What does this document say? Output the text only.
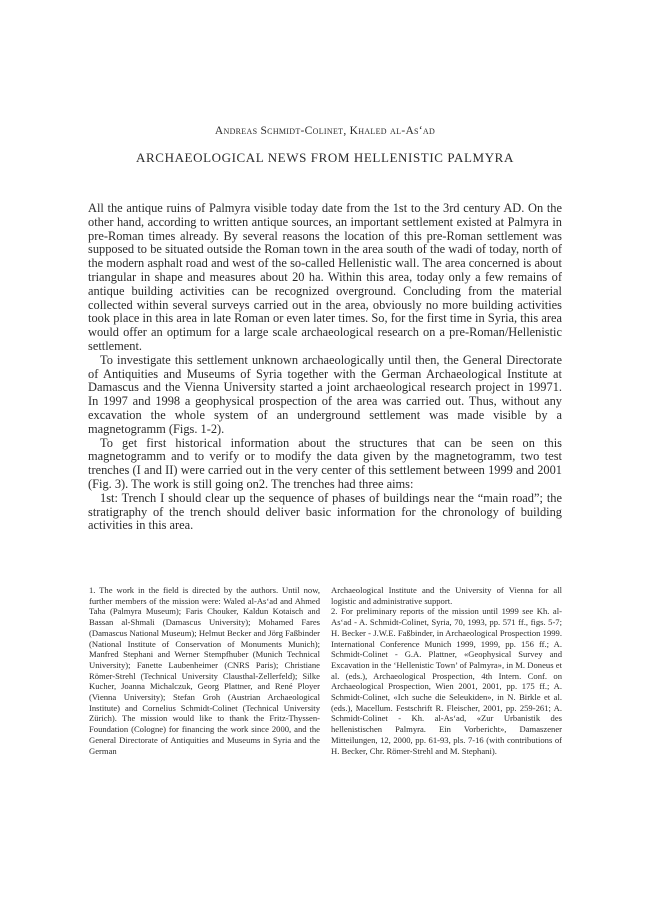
Andreas Schmidt-Colinet, Khaled al-As‘ad
ARCHAEOLOGICAL NEWS FROM HELLENISTIC PALMYRA

All the antique ruins of Palmyra visible today date from the 1st to the 3rd century AD. On the other hand, according to written antique sources, an important settlement existed at Palmyra in pre-Roman times already. By several reasons the location of this pre-Roman settlement was supposed to be situated outside the Roman town in the area south of the wadi of today, north of the modern asphalt road and west of the so-called Hellenistic wall. The area concerned is about triangular in shape and measures about 20 ha. Within this area, today only a few remains of antique building activities can be recognized overground. Concluding from the material collected within several surveys carried out in the area, obviously no more building activities took place in this area in late Roman or even later times. So, for the first time in Syria, this area would offer an optimum for a large scale archaeological research on a pre-Roman/Hellenistic settlement.

To investigate this settlement unknown archaeologically until then, the General Directorate of Antiquities and Museums of Syria together with the German Archaeological Institute at Damascus and the Vienna University started a joint archaeological research project in 19971. In 1997 and 1998 a geophysical prospection of the area was carried out. Thus, without any excavation the whole system of an underground settlement was made visible by a magnetogramm (Figs. 1-2).

To get first historical information about the structures that can be seen on this magnetogramm and to verify or to modify the data given by the magnetogramm, two test trenches (I and II) were carried out in the very center of this settlement between 1999 and 2001 (Fig. 3). The work is still going on2. The trenches had three aims:

1st: Trench I should clear up the sequence of phases of buildings near the “main road”; the stratigraphy of the trench should deliver basic information for the chronology of building activities in this area.

1. The work in the field is directed by the authors. Until now, further members of the mission were: Waled al-As‘ad and Ahmed Taha (Palmyra Museum); Faris Chouker, Kaldun Kotaisch and Bassan al-Shmali (Damascus University); Mohamed Fares (Damascus National Museum); Helmut Becker and Jörg Faßbinder (National Institute of Conservation of Monuments Munich); Manfred Stephani and Werner Stempfhuber (Munich Technical University); Fanette Laubenheimer (CNRS Paris); Christiane Römer-Strehl (Technical University Clausthal-Zellerfeld); Silke Kucher, Joanna Michalczuk, Georg Plattner, and René Ployer (Vienna University); Stefan Groh (Austrian Archaeological Institute) and Cornelius Schmidt-Colinet (Technical University Zürich). The mission would like to thank the Fritz-Thyssen-Foundation (Cologne) for financing the work since 2000, and the General Directorate of Antiquities and Museums in Syria and the German

Archaeological Institute and the University of Vienna for all logistic and administrative support.
2. For preliminary reports of the mission until 1999 see Kh. al-As‘ad - A. Schmidt-Colinet, Syria, 70, 1993, pp. 571 ff., figs. 5-7; H. Becker - J.W.E. Faßbinder, in Archaeological Prospection 1999. International Conference Munich 1999, 1999, pp. 156 ff.; A. Schmidt-Colinet - G.A. Plattner, «Geophysical Survey and Excavation in the ‘Hellenistic Town’ of Palmyra», in M. Doneus et al. (eds.), Archaeological Prospection, 4th Intern. Conf. on Archaeological Prospection, Wien 2001, 2001, pp. 175 ff.; A. Schmidt-Colinet, «Ich suche die Seleukiden», in N. Birkle et al. (eds.), Macellum. Festschrift R. Fleischer, 2001, pp. 259-261; A. Schmidt-Colinet - Kh. al-As‘ad, «Zur Urbanistik des hellenistischen Palmyra. Ein Vorbericht», Damaszener Mitteilungen, 12, 2000, pp. 61-93, pls. 7-16 (with contributions of H. Becker, Chr. Römer-Strehl and M. Stephani).
